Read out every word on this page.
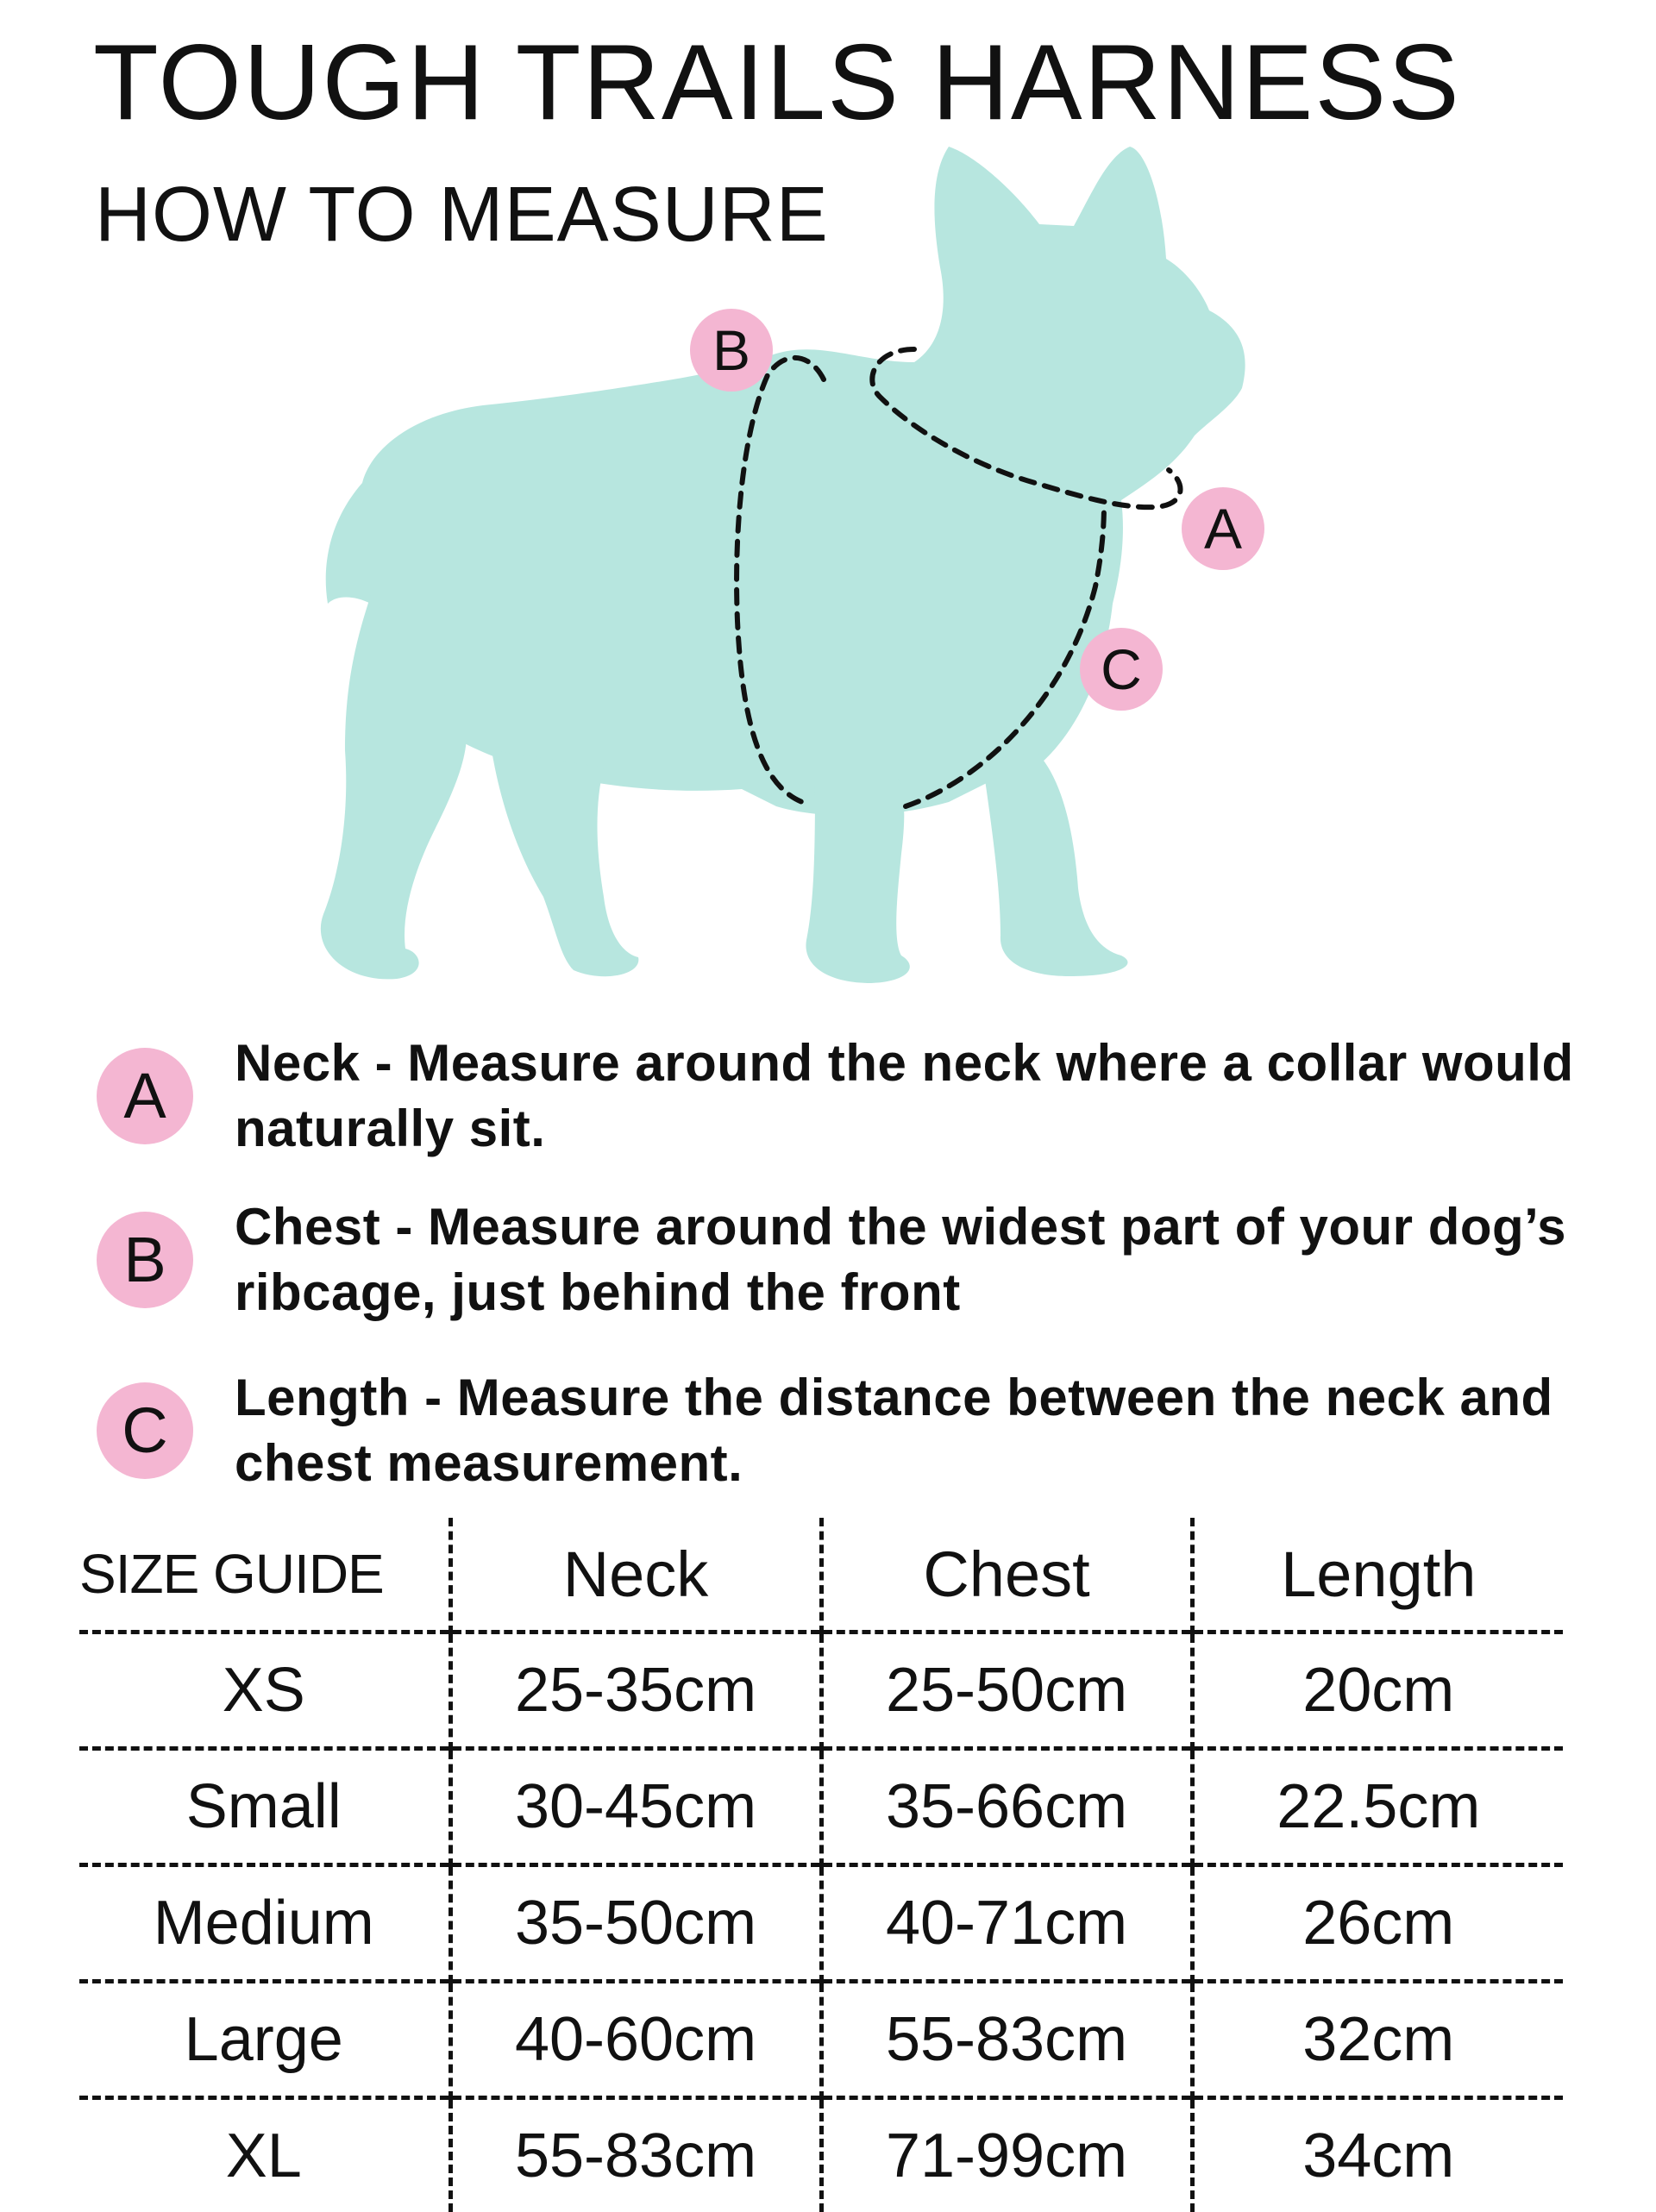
TOUGH TRAILS HARNESS
HOW TO MEASURE
B
A
C
A	Neck - Measure around the neck where a collar would naturally sit.
B	Chest - Measure around the widest part of your dog’s ribcage, just behind the front
C	Length - Measure the distance between the neck and chest measurement.
SIZE GUIDE	Neck	Chest	Length
XS	25-35cm	25-50cm	20cm
Small	30-45cm	35-66cm	22.5cm
Medium	35-50cm	40-71cm	26cm
Large	40-60cm	55-83cm	32cm
XL	55-83cm	71-99cm	34cm
